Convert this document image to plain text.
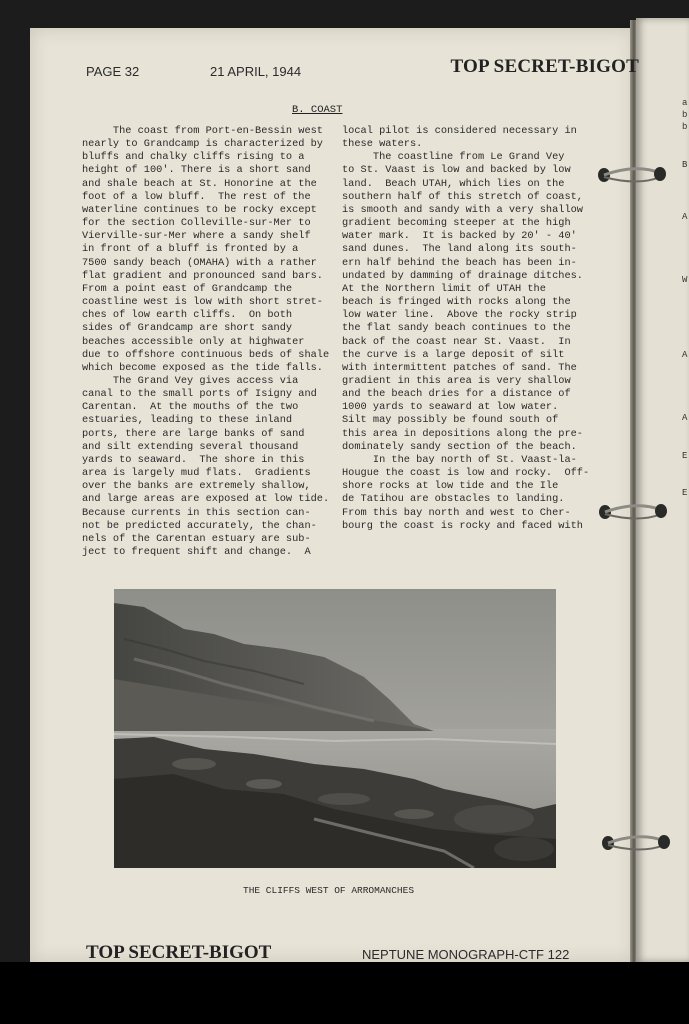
a
b
b
B
A
W
A
A
E
E
PAGE 32	21 APRIL, 1944	TOP SECRET-BIGOT
B. COAST
The coast from Port-en-Bessin west
nearly to Grandcamp is characterized by
bluffs and chalky cliffs rising to a
height of 100'. There is a short sand
and shale beach at St. Honorine at the
foot of a low bluff.  The rest of the
waterline continues to be rocky except
for the section Colleville-sur-Mer to
Vierville-sur-Mer where a sandy shelf
in front of a bluff is fronted by a
7500 sandy beach (OMAHA) with a rather
flat gradient and pronounced sand bars.
From a point east of Grandcamp the
coastline west is low with short stret-
ches of low earth cliffs.  On both
sides of Grandcamp are short sandy
beaches accessible only at highwater
due to offshore continuous beds of shale
which become exposed as the tide falls.
The Grand Vey gives access via
canal to the small ports of Isigny and
Carentan.  At the mouths of the two
estuaries, leading to these inland
ports, there are large banks of sand
and silt extending several thousand
yards to seaward.  The shore in this
area is largely mud flats.  Gradients
over the banks are extremely shallow,
and large areas are exposed at low tide.
Because currents in this section can-
not be predicted accurately, the chan-
nels of the Carentan estuary are sub-
ject to frequent shift and change.  A
local pilot is considered necessary in
these waters.
The coastline from Le Grand Vey
to St. Vaast is low and backed by low
land.  Beach UTAH, which lies on the
southern half of this stretch of coast,
is smooth and sandy with a very shallow
gradient becoming steeper at the high
water mark.  It is backed by 20' - 40'
sand dunes.  The land along its south-
ern half behind the beach has been in-
undated by damming of drainage ditches.
At the Northern limit of UTAH the
beach is fringed with rocks along the
low water line.  Above the rocky strip
the flat sandy beach continues to the
back of the coast near St. Vaast.  In
the curve is a large deposit of silt
with intermittent patches of sand. The
gradient in this area is very shallow
and the beach dries for a distance of
1000 yards to seaward at low water.
Silt may possibly be found south of
this area in depositions along the pre-
dominately sandy section of the beach.
In the bay north of St. Vaast-la-
Hougue the coast is low and rocky.  Off-
shore rocks at low tide and the Ile
de Tatihou are obstacles to landing.
From this bay north and west to Cher-
bourg the coast is rocky and faced with
THE CLIFFS WEST OF ARROMANCHES
TOP SECRET-BIGOT	NEPTUNE MONOGRAPH-CTF 122
